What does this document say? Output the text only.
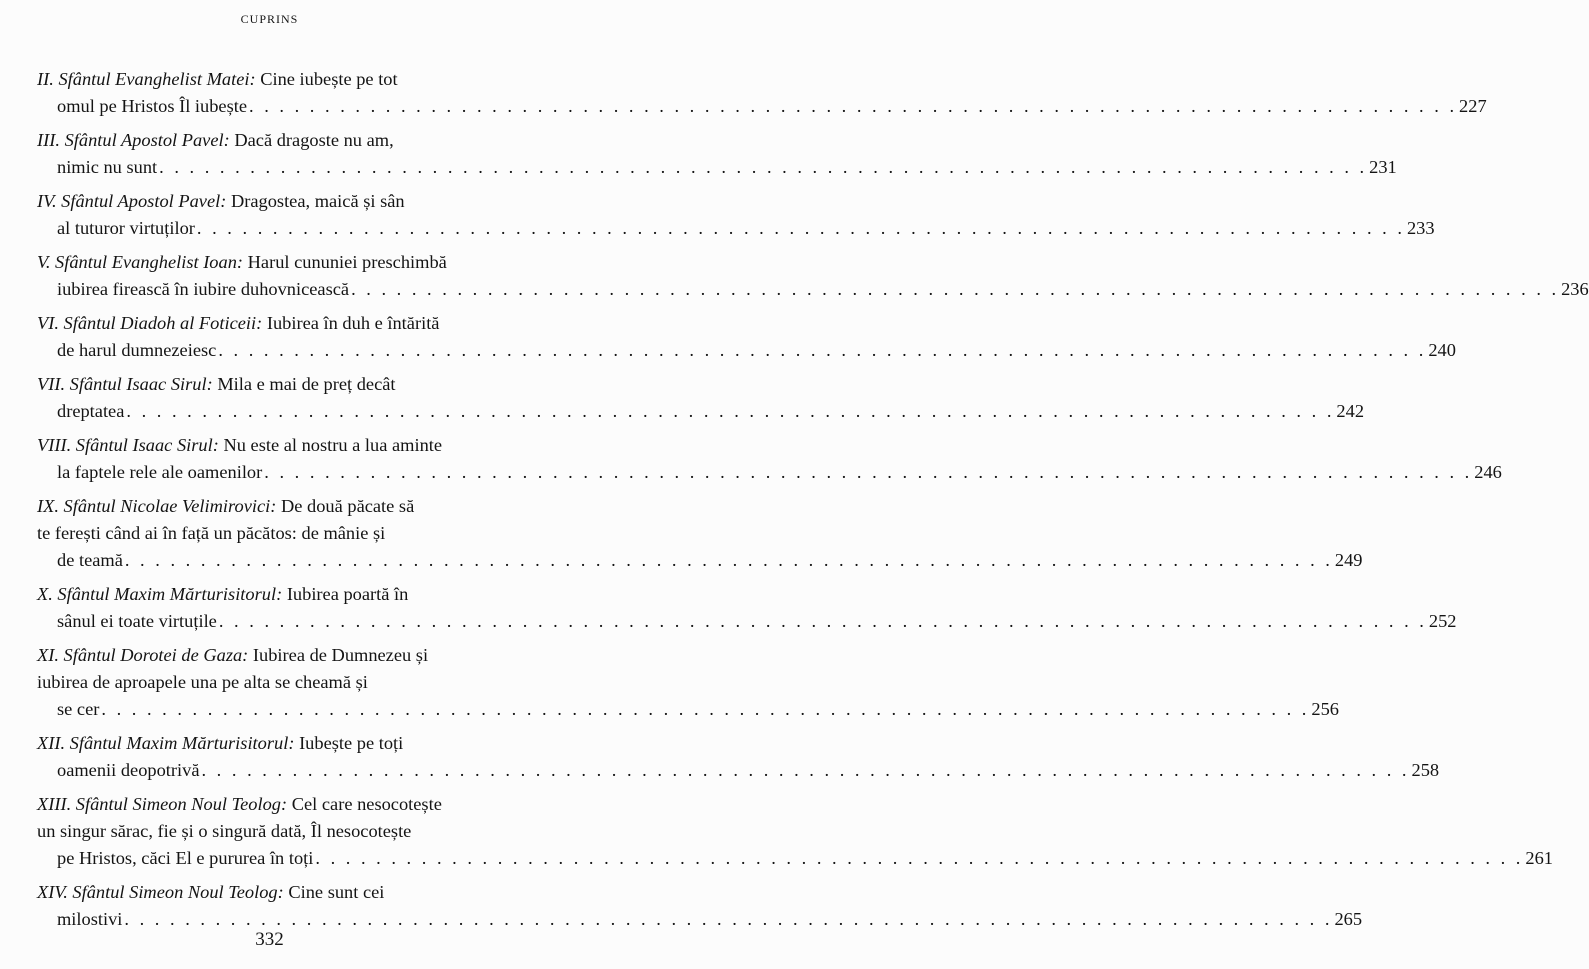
CUPRINS
II. Sfântul Evanghelist Matei: Cine iubește pe tot
omul pe Hristos Îl iubește . . . . . . . . . . . . . . . . . . . . . . . . . . . . . . . . . . . . . . . . . . . . . . . . . . . . . . . . . . . . . . . . . . . . . . . . . . . . . . . . 227
III. Sfântul Apostol Pavel: Dacă dragoste nu am,
nimic nu sunt . . . . . . . . . . . . . . . . . . . . . . . . . . . . . . . . . . . . . . . . . . . . . . . . . . . . . . . . . . . . . . . . . . . . . . . . . . . . . . . . 231
IV. Sfântul Apostol Pavel: Dragostea, maică și sân
al tuturor virtuților . . . . . . . . . . . . . . . . . . . . . . . . . . . . . . . . . . . . . . . . . . . . . . . . . . . . . . . . . . . . . . . . . . . . . . . . . . . . . . . . 233
V. Sfântul Evanghelist Ioan: Harul cununiei preschimbă
iubirea firească în iubire duhovnicească . . . . . . . . . . . . . . . . . . . . . . . . . . . . . . . . . . . . . . . . . . . . . . . . . . . . . . . . . . . . . . . . . . . . . . . . . . . . . . . . 236
VI. Sfântul Diadoh al Foticeii: Iubirea în duh e întărită
de harul dumnezeiesc . . . . . . . . . . . . . . . . . . . . . . . . . . . . . . . . . . . . . . . . . . . . . . . . . . . . . . . . . . . . . . . . . . . . . . . . . . . . . . . . 240
VII. Sfântul Isaac Sirul: Mila e mai de preț decât
dreptatea . . . . . . . . . . . . . . . . . . . . . . . . . . . . . . . . . . . . . . . . . . . . . . . . . . . . . . . . . . . . . . . . . . . . . . . . . . . . . . . . 242
VIII. Sfântul Isaac Sirul: Nu este al nostru a lua aminte
la faptele rele ale oamenilor . . . . . . . . . . . . . . . . . . . . . . . . . . . . . . . . . . . . . . . . . . . . . . . . . . . . . . . . . . . . . . . . . . . . . . . . . . . . . . . . 246
IX. Sfântul Nicolae Velimirovici: De două păcate să
te ferești când ai în față un păcătos: de mânie și
de teamă . . . . . . . . . . . . . . . . . . . . . . . . . . . . . . . . . . . . . . . . . . . . . . . . . . . . . . . . . . . . . . . . . . . . . . . . . . . . . . . . 249
X. Sfântul Maxim Mărturisitorul: Iubirea poartă în
sânul ei toate virtuțile . . . . . . . . . . . . . . . . . . . . . . . . . . . . . . . . . . . . . . . . . . . . . . . . . . . . . . . . . . . . . . . . . . . . . . . . . . . . . . . . 252
XI. Sfântul Dorotei de Gaza: Iubirea de Dumnezeu și
iubirea de aproapele una pe alta se cheamă și
se cer . . . . . . . . . . . . . . . . . . . . . . . . . . . . . . . . . . . . . . . . . . . . . . . . . . . . . . . . . . . . . . . . . . . . . . . . . . . . . . . . 256
XII. Sfântul Maxim Mărturisitorul: Iubește pe toți
oamenii deopotrivă . . . . . . . . . . . . . . . . . . . . . . . . . . . . . . . . . . . . . . . . . . . . . . . . . . . . . . . . . . . . . . . . . . . . . . . . . . . . . . . . 258
XIII. Sfântul Simeon Noul Teolog: Cel care nesocotește
un singur sărac, fie și o singură dată, Îl nesocotește
pe Hristos, căci El e pururea în toți . . . . . . . . . . . . . . . . . . . . . . . . . . . . . . . . . . . . . . . . . . . . . . . . . . . . . . . . . . . . . . . . . . . . . . . . . . . . . . . . 261
XIV. Sfântul Simeon Noul Teolog: Cine sunt cei
milostivi . . . . . . . . . . . . . . . . . . . . . . . . . . . . . . . . . . . . . . . . . . . . . . . . . . . . . . . . . . . . . . . . . . . . . . . . . . . . . . . . 265
332
